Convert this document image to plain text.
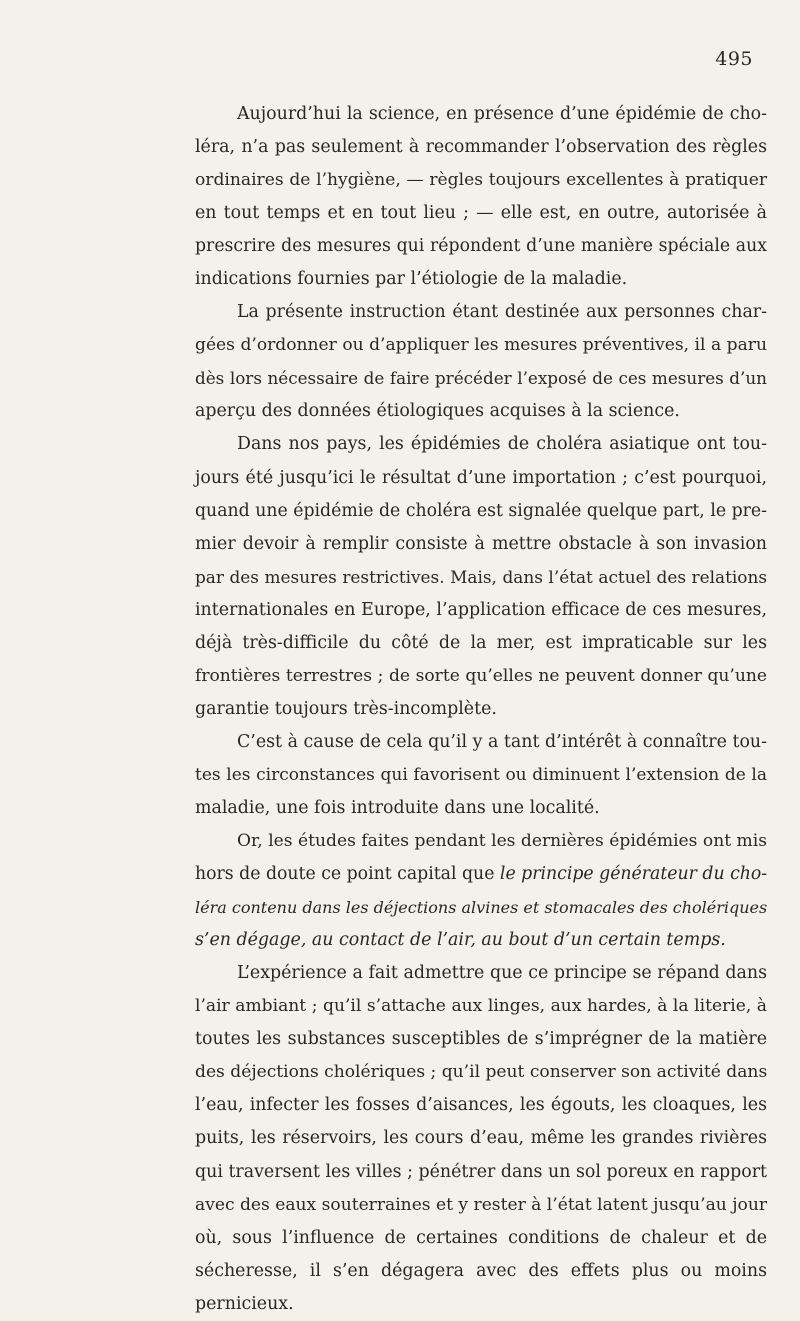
495
Aujourd’hui la science, en présence d’une épidémie de cho-
léra, n’a pas seulement à recommander l’observation des règles
ordinaires de l’hygiène, — règles toujours excellentes à pratiquer
en tout temps et en tout lieu ; — elle est, en outre, autorisée à
prescrire des mesures qui répondent d’une manière spéciale aux
indications fournies par l’étiologie de la maladie.
La présente instruction étant destinée aux personnes char-
gées d’ordonner ou d’appliquer les mesures préventives, il a paru
dès lors nécessaire de faire précéder l’exposé de ces mesures d’un
aperçu des données étiologiques acquises à la science.
Dans nos pays, les épidémies de choléra asiatique ont tou-
jours été jusqu’ici le résultat d’une importation ; c’est pourquoi,
quand une épidémie de choléra est signalée quelque part, le pre-
mier devoir à remplir consiste à mettre obstacle à son invasion
par des mesures restrictives. Mais, dans l’état actuel des relations
internationales en Europe, l’application efficace de ces mesures,
déjà très-difficile du côté de la mer, est impraticable sur les
frontières terrestres ; de sorte qu’elles ne peuvent donner qu’une
garantie toujours très-incomplète.
C’est à cause de cela qu’il y a tant d’intérêt à connaître tou-
tes les circonstances qui favorisent ou diminuent l’extension de la
maladie, une fois introduite dans une localité.
Or, les études faites pendant les dernières épidémies ont mis
hors de doute ce point capital que le principe générateur du cho-
léra contenu dans les déjections alvines et stomacales des cholériques
s’en dégage, au contact de l’air, au bout d’un certain temps.
L’expérience a fait admettre que ce principe se répand dans
l’air ambiant ; qu’il s’attache aux linges, aux hardes, à la literie, à
toutes les substances susceptibles de s’imprégner de la matière
des déjections cholériques ; qu’il peut conserver son activité dans
l’eau, infecter les fosses d’aisances, les égouts, les cloaques, les
puits, les réservoirs, les cours d’eau, même les grandes rivières
qui traversent les villes ; pénétrer dans un sol poreux en rapport
avec des eaux souterraines et y rester à l’état latent jusqu’au jour
où, sous l’influence de certaines conditions de chaleur et de
sécheresse, il s’en dégagera avec des effets plus ou moins
pernicieux.
